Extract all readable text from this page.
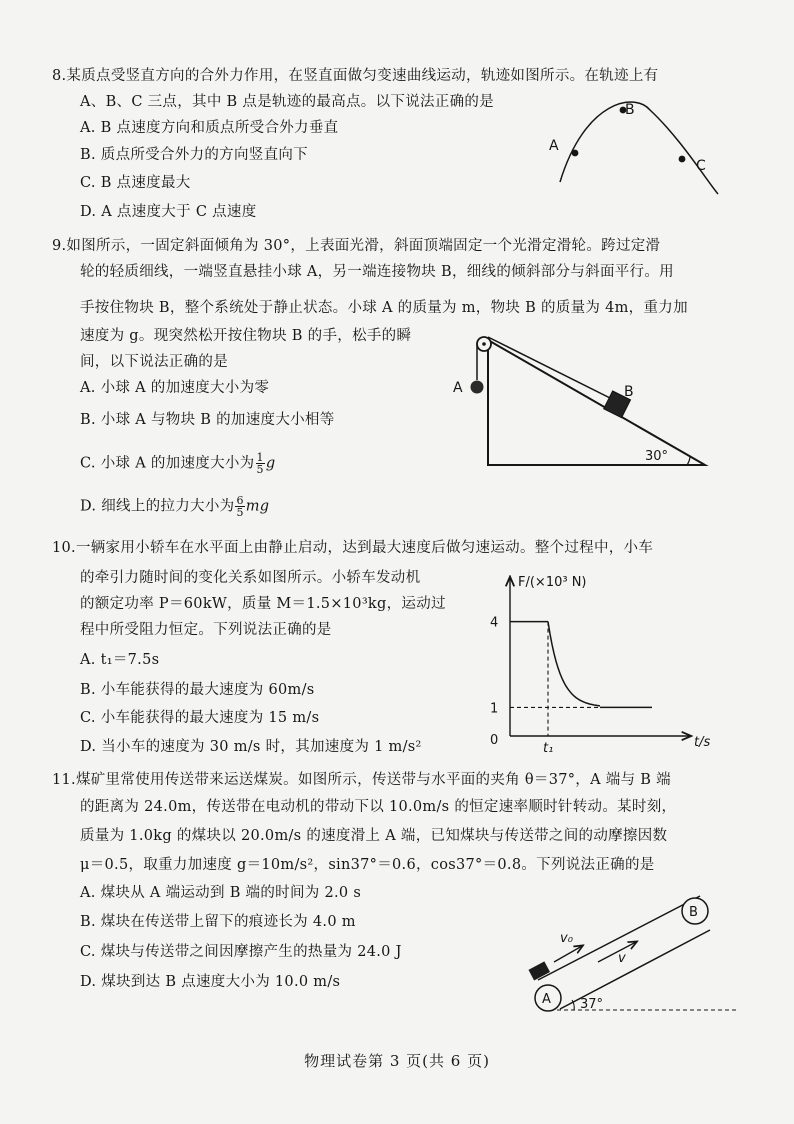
8.某质点受竖直方向的合外力作用，在竖直面做匀变速曲线运动，轨迹如图所示。在轨迹上有
A、B、C 三点，其中 B 点是轨迹的最高点。以下说法正确的是
A. B 点速度方向和质点所受合外力垂直
B. 质点所受合外力的方向竖直向下
C. B 点速度最大
D. A 点速度大于 C 点速度
A
B
C
9.如图所示，一固定斜面倾角为 30°，上表面光滑，斜面顶端固定一个光滑定滑轮。跨过定滑
轮的轻质细线，一端竖直悬挂小球 A，另一端连接物块 B，细线的倾斜部分与斜面平行。用
手按住物块 B，整个系统处于静止状态。小球 A 的质量为 m，物块 B 的质量为 4m，重力加
速度为 g。现突然松开按住物块 B 的手，松手的瞬
间，以下说法正确的是
A. 小球 A 的加速度大小为零
B. 小球 A 与物块 B 的加速度大小相等
C. 小球 A 的加速度大小为 $\frac{1}{5}$ g
D. 细线上的拉力大小为 $\frac{6}{5}$ mg
A	B
30°
10.一辆家用小轿车在水平面上由静止启动，达到最大速度后做匀速运动。整个过程中，小车
的牵引力随时间的变化关系如图所示。小轿车发动机
的额定功率 P＝60kW，质量 M＝1.5×10³kg，运动过
程中所受阻力恒定。下列说法正确的是
A. t₁＝7.5s
B. 小车能获得的最大速度为 60m/s
C. 小车能获得的最大速度为 15 m/s
D. 当小车的速度为 30 m/s 时，其加速度为 1 m/s²
F/(×10³ N)
t/s
0
4
1
t₁
11.煤矿里常使用传送带来运送煤炭。如图所示，传送带与水平面的夹角 θ＝37°，A 端与 B 端
的距离为 24.0m，传送带在电动机的带动下以 10.0m/s 的恒定速率顺时针转动。某时刻，
质量为 1.0kg 的煤块以 20.0m/s 的速度滑上 A 端，已知煤块与传送带之间的动摩擦因数
μ＝0.5，取重力加速度 g＝10m/s²，sin37°＝0.6，cos37°＝0.8。下列说法正确的是
A. 煤块从 A 端运动到 B 端的时间为 2.0 s
B. 煤块在传送带上留下的痕迹长为 4.0 m
C. 煤块与传送带之间因摩擦产生的热量为 24.0 J
D. 煤块到达 B 点速度大小为 10.0 m/s
A
B
v₀
v
37°
物理试卷第 3 页(共 6 页)
